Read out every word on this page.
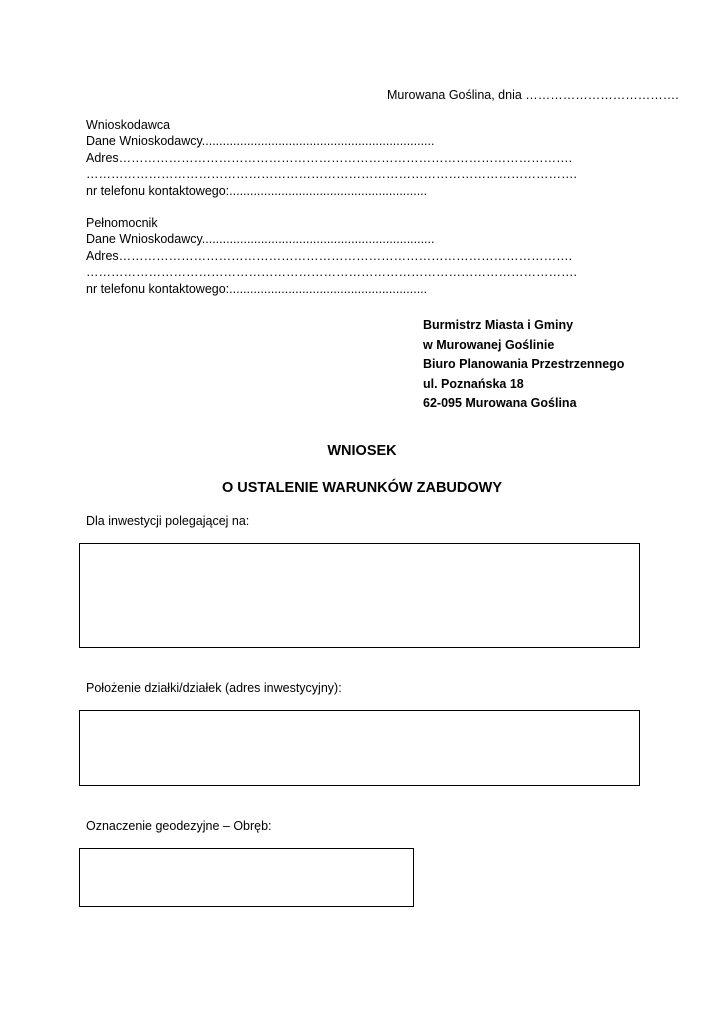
Murowana Goślina, dnia ……………………………….
Wnioskodawca
Dane Wnioskodawcy...................................................................
Adres……………………………………………………………………………………………….
……………………………………………………………………………………………………….
nr telefonu kontaktowego:.........................................................
Pełnomocnik
Dane Wnioskodawcy...................................................................
Adres……………………………………………………………………………………………….
……………………………………………………………………………………………………….
nr telefonu kontaktowego:.........................................................
Burmistrz Miasta i Gminy
w Murowanej Goślinie
Biuro Planowania Przestrzennego
ul. Poznańska 18
62-095 Murowana Goślina
WNIOSEK
O USTALENIE WARUNKÓW ZABUDOWY
Dla inwestycji polegającej na:
Położenie działki/działek (adres inwestycyjny):
Oznaczenie geodezyjne – Obręb:
